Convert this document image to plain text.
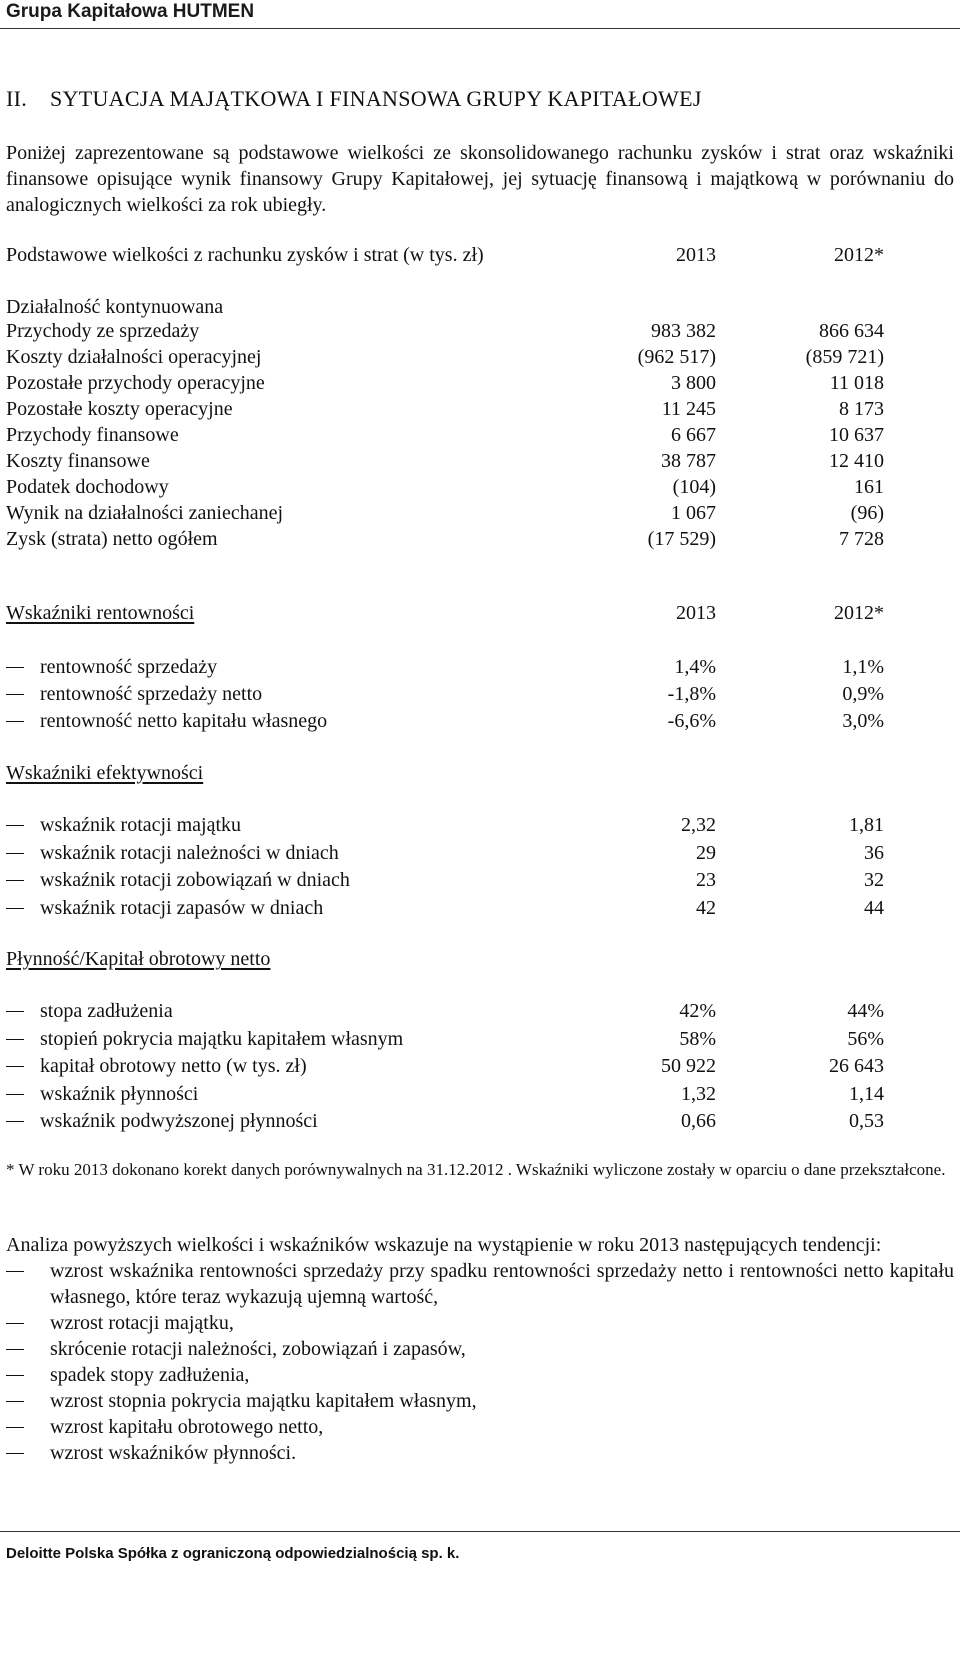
Grupa Kapitałowa HUTMEN
II. SYTUACJA MAJĄTKOWA I FINANSOWA GRUPY KAPITAŁOWEJ

Poniżej zaprezentowane są podstawowe wielkości ze skonsolidowanego rachunku zysków i strat oraz wskaźniki finansowe opisujące wynik finansowy Grupy Kapitałowej, jej sytuację finansową i majątkową w porównaniu do analogicznych wielkości za rok ubiegły.

Podstawowe wielkości z rachunku zysków i strat (w tys. zł)	2013	2012*
Działalność kontynuowana
Przychody ze sprzedaży	983 382	866 634
Koszty działalności operacyjnej	(962 517)	(859 721)
Pozostałe przychody operacyjne	3 800	11 018
Pozostałe koszty operacyjne	11 245	8 173
Przychody finansowe	6 667	10 637
Koszty finansowe	38 787	12 410
Podatek dochodowy	(104)	161
Wynik na działalności zaniechanej	1 067	(96)
Zysk (strata) netto ogółem	(17 529)	7 728
Wskaźniki rentowności	2013	2012*
rentowność sprzedaży	1,4%	1,1%
rentowność sprzedaży netto	-1,8%	0,9%
rentowność netto kapitału własnego	-6,6%	3,0%
Wskaźniki efektywności
wskaźnik rotacji majątku	2,32	1,81
wskaźnik rotacji należności w dniach	29	36
wskaźnik rotacji zobowiązań w dniach	23	32
wskaźnik rotacji zapasów w dniach	42	44
Płynność/Kapitał obrotowy netto
stopa zadłużenia	42%	44%
stopień pokrycia majątku kapitałem własnym	58%	56%
kapitał obrotowy netto (w tys. zł)	50 922	26 643
wskaźnik płynności	1,32	1,14
wskaźnik podwyższonej płynności	0,66	0,53
* W roku 2013 dokonano korekt danych porównywalnych na 31.12.2012 . Wskaźniki wyliczone zostały w oparciu o dane przekształcone.

Analiza powyższych wielkości i wskaźników wskazuje na wystąpienie w roku 2013 następujących tendencji:

wzrost wskaźnika rentowności sprzedaży przy spadku rentowności sprzedaży netto i rentowności netto kapitału własnego, które teraz wykazują ujemną wartość,
wzrost rotacji majątku,
skrócenie rotacji należności, zobowiązań i zapasów,
spadek stopy zadłużenia,
wzrost stopnia pokrycia majątku kapitałem własnym,
wzrost kapitału obrotowego netto,
wzrost wskaźników płynności.
Deloitte Polska Spółka z ograniczoną odpowiedzialnością sp. k.
